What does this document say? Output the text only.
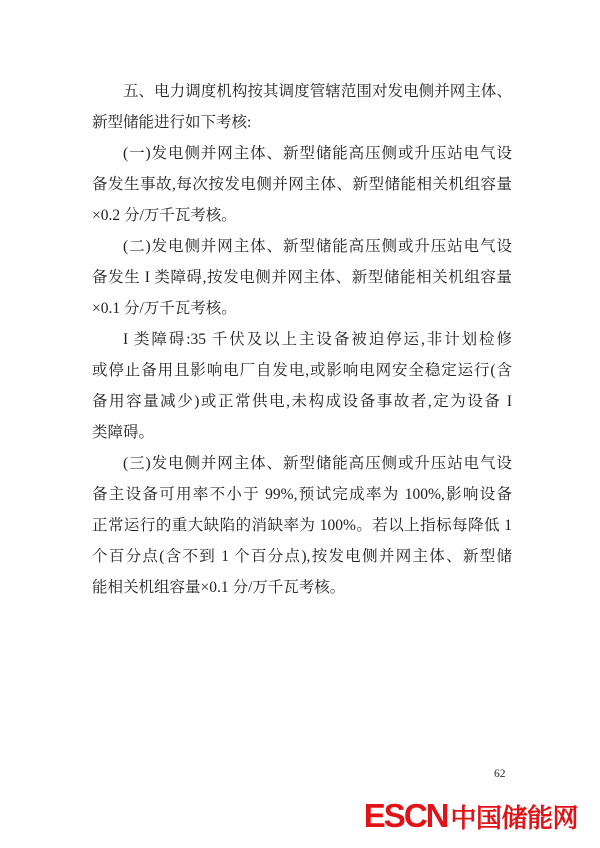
五、电力调度机构按其调度管辖范围对发电侧并网主体、
新型储能进行如下考核:
(一)发电侧并网主体、新型储能高压侧或升压站电气设
备发生事故,每次按发电侧并网主体、新型储能相关机组容量
×0.2 分/万千瓦考核。
(二)发电侧并网主体、新型储能高压侧或升压站电气设
备发生 I 类障碍,按发电侧并网主体、新型储能相关机组容量
×0.1 分/万千瓦考核。
I 类障碍:35 千伏及以上主设备被迫停运,非计划检修
或停止备用且影响电厂自发电,或影响电网安全稳定运行(含
备用容量减少)或正常供电,未构成设备事故者,定为设备 I
类障碍。
(三)发电侧并网主体、新型储能高压侧或升压站电气设
备主设备可用率不小于 99%,预试完成率为 100%,影响设备
正常运行的重大缺陷的消缺率为 100%。若以上指标每降低 1
个百分点(含不到 1 个百分点),按发电侧并网主体、新型储
能相关机组容量×0.1 分/万千瓦考核。
62
ESCN 中国储能网
